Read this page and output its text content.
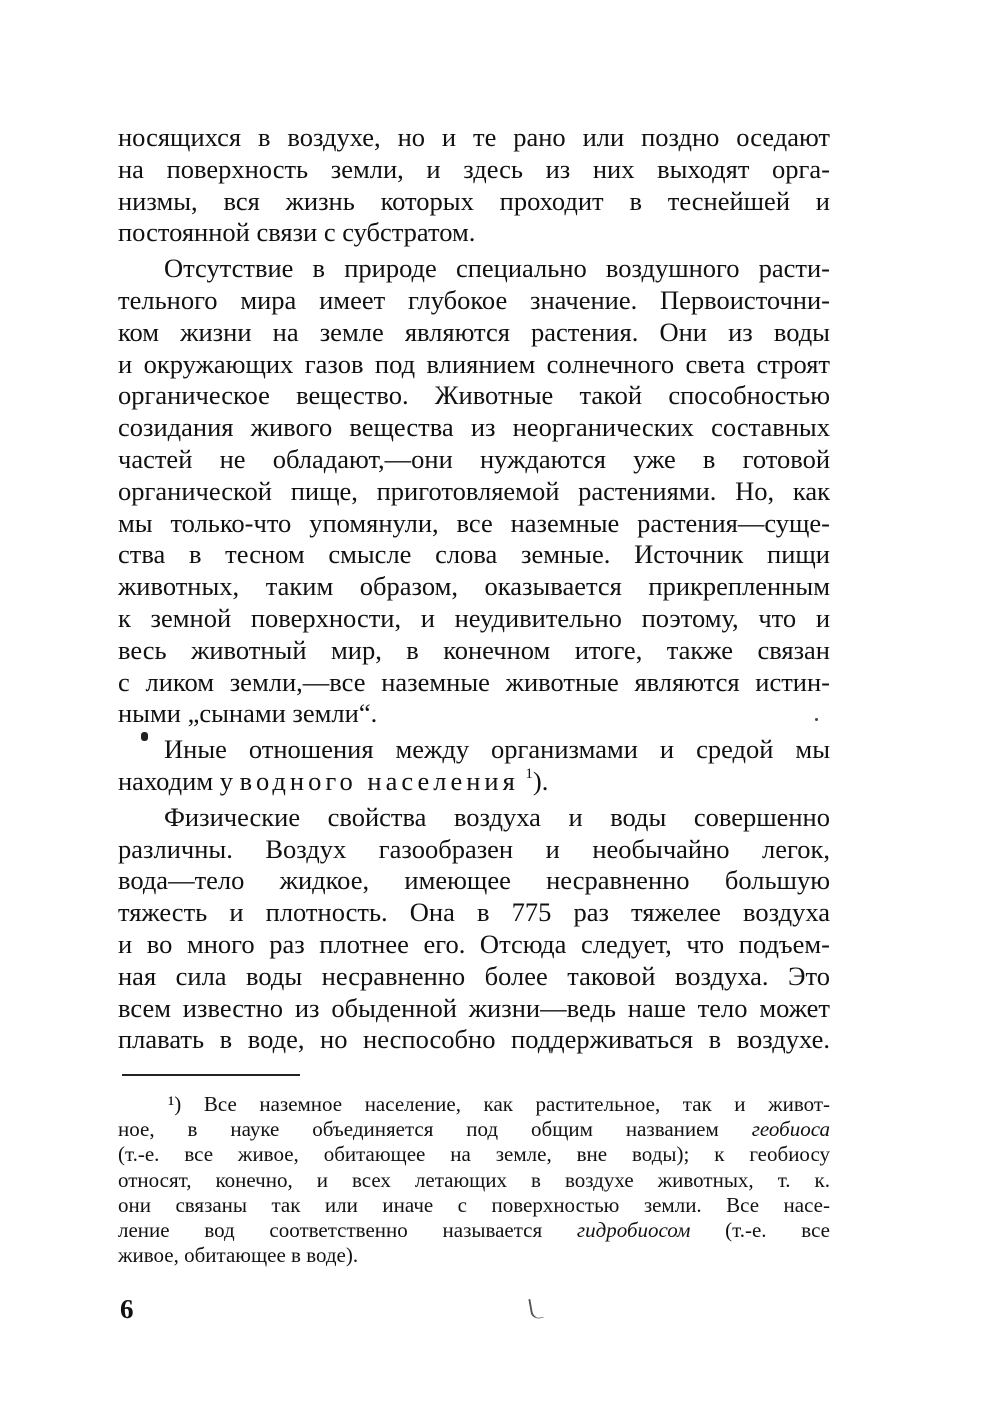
носящихся в воздухе, но и те рано или поздно оседают
на поверхность земли, и здесь из них выходят орга-
низмы, вся жизнь которых проходит в теснейшей и
постоянной связи с субстратом.
Отсутствие в природе специально воздушного расти-
тельного мира имеет глубокое значение. Первоисточни-
ком жизни на земле являются растения. Они из воды
и окружающих газов под влиянием солнечного света строят
органическое вещество. Животные такой способностью
созидания живого вещества из неорганических составных
частей не обладают,—они нуждаются уже в готовой
органической пище, приготовляемой растениями. Но, как
мы только-что упомянули, все наземные растения—суще-
ства в тесном смысле слова земные. Источник пищи
животных, таким образом, оказывается прикрепленным
к земной поверхности, и неудивительно поэтому, что и
весь животный мир, в конечном итоге, также связан
с ликом земли,—все наземные животные являются истин-
ными „сынами земли“.
Иные отношения между организмами и средой мы
находим у водного населения $^1$).
Физические свойства воздуха и воды совершенно
различны. Воздух газообразен и необычайно легок,
вода—тело жидкое, имеющее несравненно большую
тяжесть и плотность. Она в 775 раз тяжелее воздуха
и во много раз плотнее его. Отсюда следует, что подъем-
ная сила воды несравненно более таковой воздуха. Это
всем известно из обыденной жизни—ведь наше тело может
плавать в воде, но неспособно поддерживаться в воздухе.
¹) Все наземное население, как растительное, так и живот-
ное, в науке объединяется под общим названием геобиоса
(т.-е. все живое, обитающее на земле, вне воды); к геобиосу
относят, конечно, и всех летающих в воздухе животных, т. к.
они связаны так или иначе с поверхностью земли. Все насе-
ление вод соответственно называется гидробиосом (т.-е. все
живое, обитающее в воде).
6
